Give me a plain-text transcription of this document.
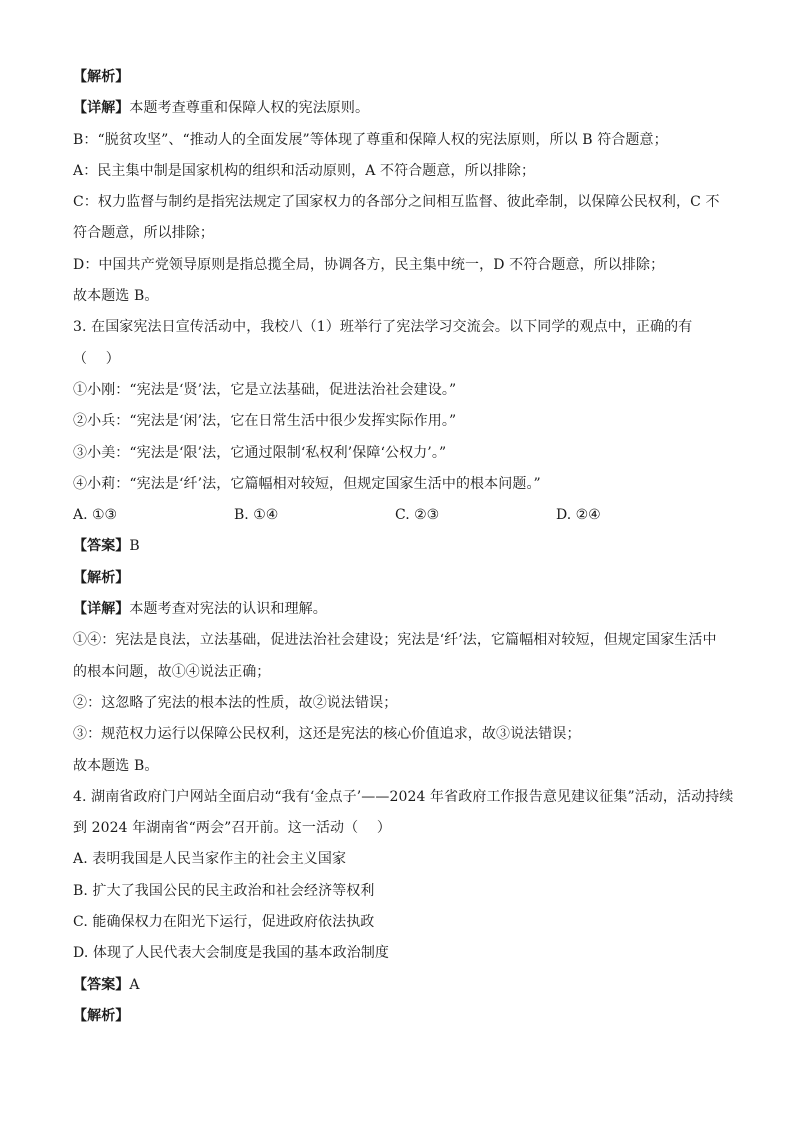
【解析】
【详解】本题考查尊重和保障人权的宪法原则。
B：“脱贫攻坚”、“推动人的全面发展”等体现了尊重和保障人权的宪法原则，所以 B 符合题意；
A：民主集中制是国家机构的组织和活动原则，A 不符合题意，所以排除；
C：权力监督与制约是指宪法规定了国家权力的各部分之间相互监督、彼此牵制，以保障公民权利，C 不
符合题意，所以排除；
D：中国共产党领导原则是指总揽全局，协调各方，民主集中统一，D 不符合题意，所以排除；
故本题选 B。
3. 在国家宪法日宣传活动中，我校八（1）班举行了宪法学习交流会。以下同学的观点中，正确的有
（　 ）
①小刚：“宪法是‘贤’法，它是立法基础，促进法治社会建设。”
②小兵：“宪法是‘闲’法，它在日常生活中很少发挥实际作用。”
③小美：“宪法是‘限’法，它通过限制‘私权利’保障‘公权力’。”
④小莉：“宪法是‘纤’法，它篇幅相对较短，但规定国家生活中的根本问题。”
A. ①③	B. ①④	C. ②③	D. ②④
【答案】B
【解析】
【详解】本题考查对宪法的认识和理解。
①④：宪法是良法，立法基础，促进法治社会建设；宪法是‘纤’法，它篇幅相对较短，但规定国家生活中
的根本问题，故①④说法正确；
②：这忽略了宪法的根本法的性质，故②说法错误；
③：规范权力运行以保障公民权利，这还是宪法的核心价值追求，故③说法错误；
故本题选 B。
4. 湖南省政府门户网站全面启动“我有‘金点子’——2024 年省政府工作报告意见建议征集”活动，活动持续
到 2024 年湖南省“两会”召开前。这一活动（　 ）
A. 表明我国是人民当家作主的社会主义国家
B. 扩大了我国公民的民主政治和社会经济等权利
C. 能确保权力在阳光下运行，促进政府依法执政
D. 体现了人民代表大会制度是我国的基本政治制度
【答案】A
【解析】
